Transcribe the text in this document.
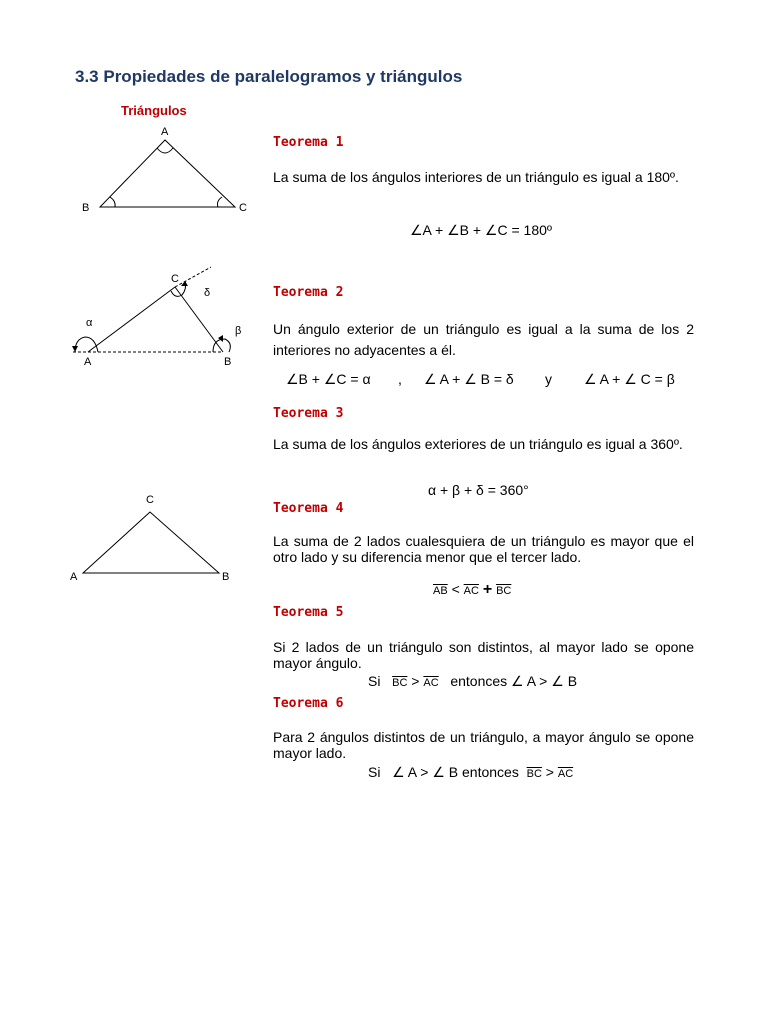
3.3 Propiedades de paralelogramos y triángulos
Triángulos
A
B	C
C
A	B
α
δ
β
C
A	B
Teorema 1
La suma de los ángulos interiores de un triángulo es igual a 180º.
∠A + ∠B + ∠C = 180º
Teorema 2
Un ángulo exterior de un triángulo es igual a la suma de los 2 interiores no adyacentes a él.
∠B + ∠C = α , ∠ A + ∠ B = δ y ∠ A + ∠ C = β
Teorema 3
La suma de los ángulos exteriores de un triángulo es igual a 360º.
α + β + δ = 360°
Teorema 4
La suma de 2 lados cualesquiera de un triángulo es mayor que el otro lado y su diferencia menor que el tercer lado.
$\overline{AB} < \overline{AC} + \overline{BC}$
Teorema 5
Si 2 lados de un triángulo son distintos, al mayor lado se opone mayor ángulo.
Si $\overline{BC} > \overline{AC}$ entonces ∠ A > ∠ B
Teorema 6
Para 2 ángulos distintos de un triángulo, a mayor ángulo se opone mayor lado.
Si ∠ A > ∠ B entonces $\overline{BC} > \overline{AC}$
